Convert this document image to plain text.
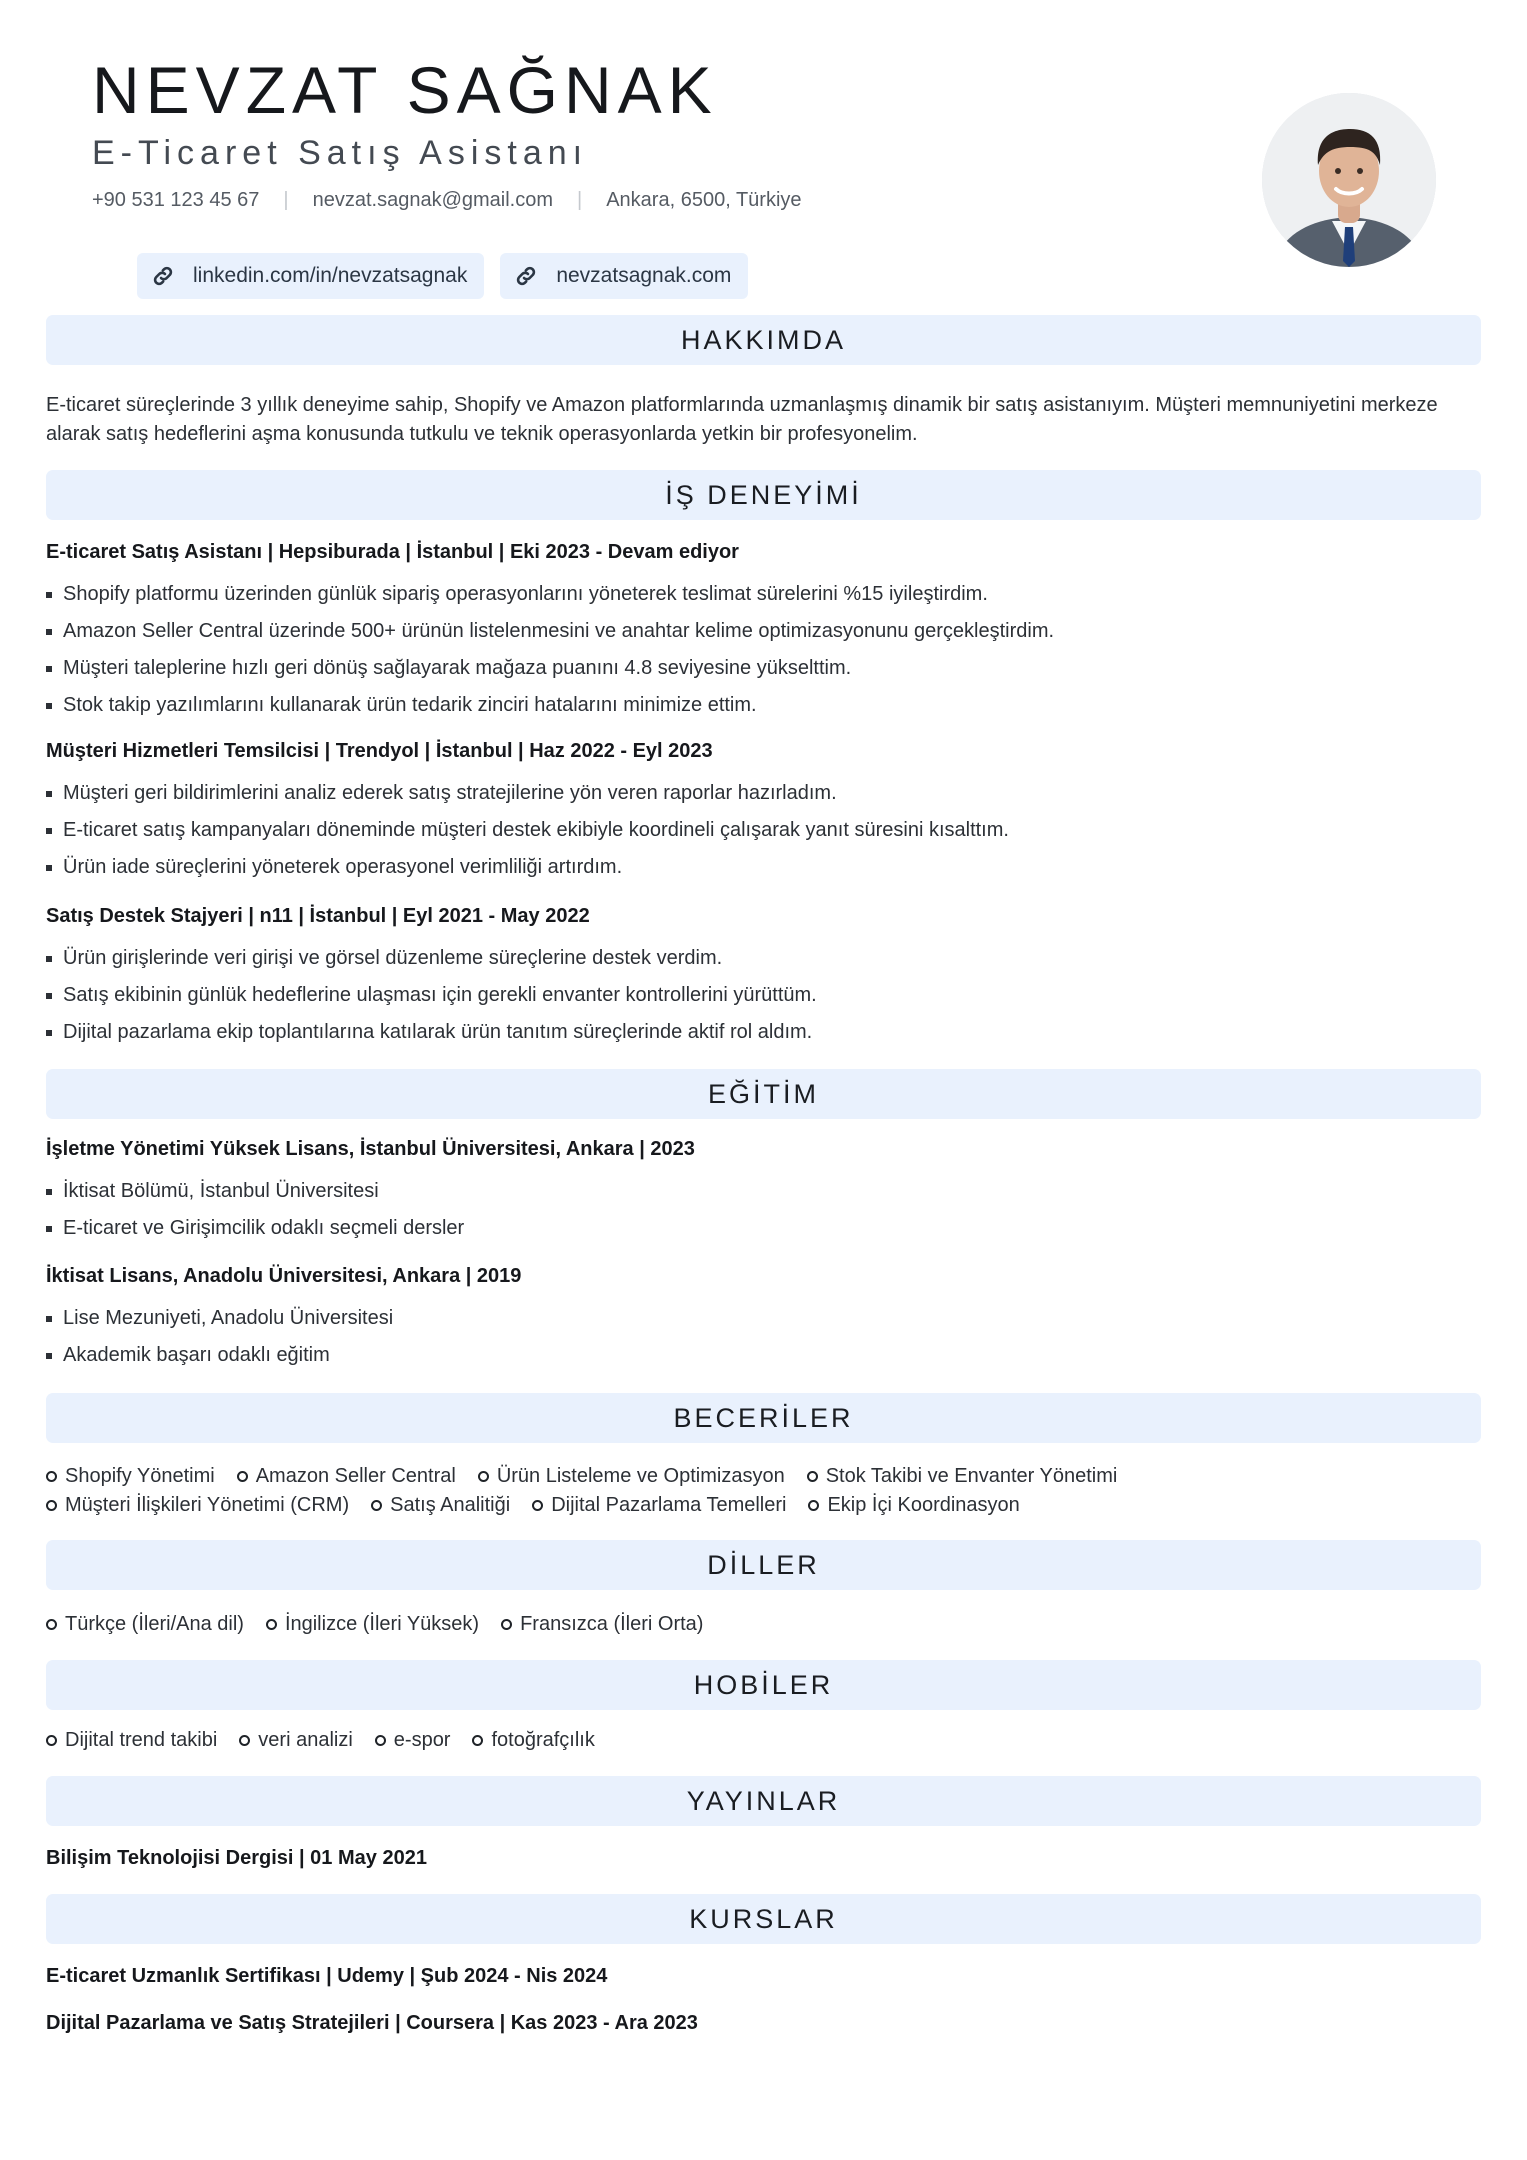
NEVZAT SAĞNAK
E-Ticaret Satış Asistanı
+90 531 123 45 67 | nevzat.sagnak@gmail.com | Ankara, 6500, Türkiye
linkedin.com/in/nevzatsagnak	nevzatsagnak.com
HAKKIMDA
E-ticaret süreçlerinde 3 yıllık deneyime sahip, Shopify ve Amazon platformlarında uzmanlaşmış dinamik bir satış asistanıyım. Müşteri memnuniyetini merkeze alarak satış hedeflerini aşma konusunda tutkulu ve teknik operasyonlarda yetkin bir profesyonelim.
İŞ DENEYİMİ
E-ticaret Satış Asistanı | Hepsiburada | İstanbul | Eki 2023 - Devam ediyor
Shopify platformu üzerinden günlük sipariş operasyonlarını yöneterek teslimat sürelerini %15 iyileştirdim.
Amazon Seller Central üzerinde 500+ ürünün listelenmesini ve anahtar kelime optimizasyonunu gerçekleştirdim.
Müşteri taleplerine hızlı geri dönüş sağlayarak mağaza puanını 4.8 seviyesine yükselttim.
Stok takip yazılımlarını kullanarak ürün tedarik zinciri hatalarını minimize ettim.
Müşteri Hizmetleri Temsilcisi | Trendyol | İstanbul | Haz 2022 - Eyl 2023
Müşteri geri bildirimlerini analiz ederek satış stratejilerine yön veren raporlar hazırladım.
E-ticaret satış kampanyaları döneminde müşteri destek ekibiyle koordineli çalışarak yanıt süresini kısalttım.
Ürün iade süreçlerini yöneterek operasyonel verimliliği artırdım.
Satış Destek Stajyeri | n11 | İstanbul | Eyl 2021 - May 2022
Ürün girişlerinde veri girişi ve görsel düzenleme süreçlerine destek verdim.
Satış ekibinin günlük hedeflerine ulaşması için gerekli envanter kontrollerini yürüttüm.
Dijital pazarlama ekip toplantılarına katılarak ürün tanıtım süreçlerinde aktif rol aldım.
EĞİTİM
İşletme Yönetimi Yüksek Lisans, İstanbul Üniversitesi, Ankara | 2023
İktisat Bölümü, İstanbul Üniversitesi
E-ticaret ve Girişimcilik odaklı seçmeli dersler
İktisat Lisans, Anadolu Üniversitesi, Ankara | 2019
Lise Mezuniyeti, Anadolu Üniversitesi
Akademik başarı odaklı eğitim
BECERİLER
Shopify Yönetimi Amazon Seller Central Ürün Listeleme ve Optimizasyon Stok Takibi ve Envanter Yönetimi
Müşteri İlişkileri Yönetimi (CRM) Satış Analitiği Dijital Pazarlama Temelleri Ekip İçi Koordinasyon
DİLLER
Türkçe (İleri/Ana dil) İngilizce (İleri Yüksek) Fransızca (İleri Orta)
HOBİLER
Dijital trend takibi veri analizi e-spor fotoğrafçılık
YAYINLAR
Bilişim Teknolojisi Dergisi | 01 May 2021
KURSLAR
E-ticaret Uzmanlık Sertifikası | Udemy | Şub 2024 - Nis 2024
Dijital Pazarlama ve Satış Stratejileri | Coursera | Kas 2023 - Ara 2023
